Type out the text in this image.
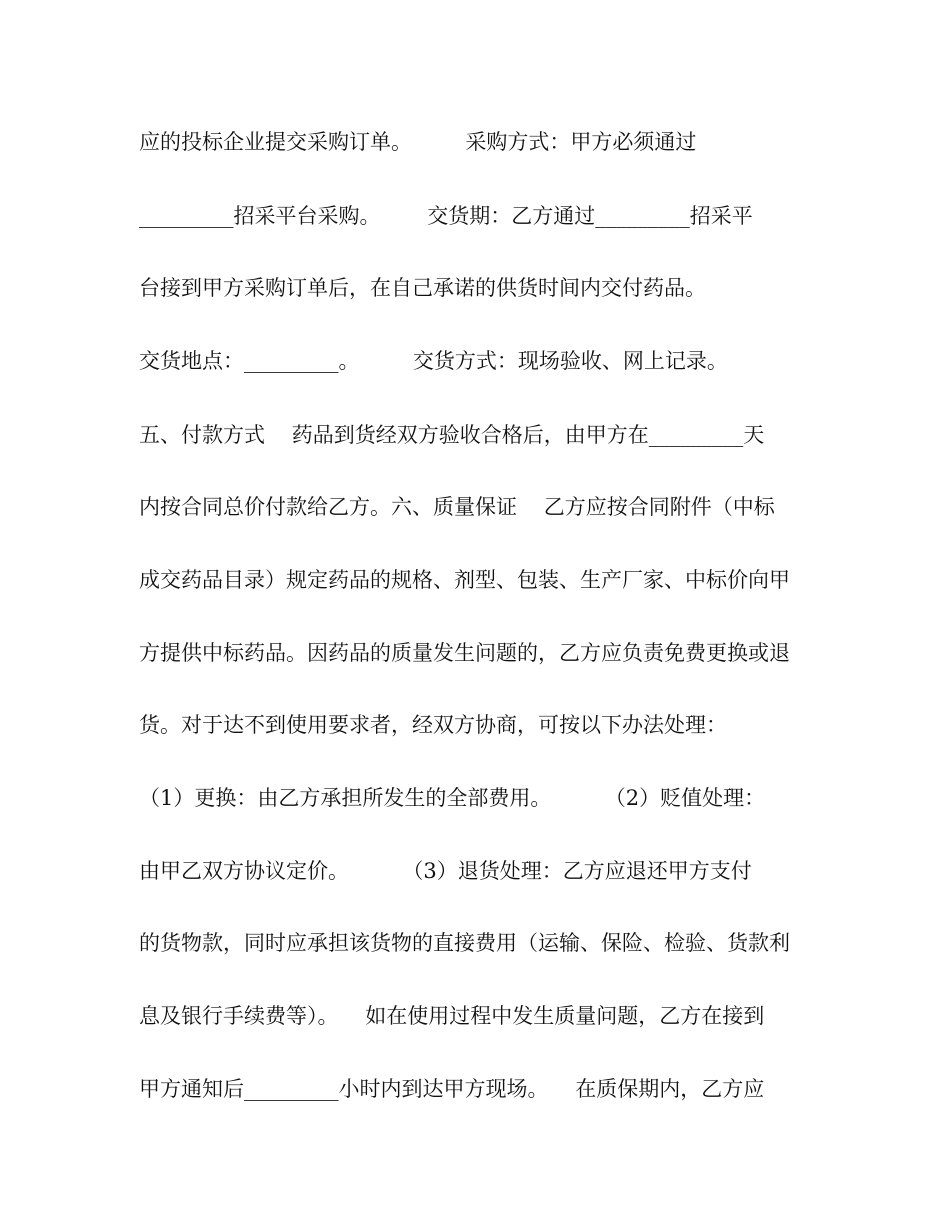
应的投标企业提交采购订单。        采购方式：甲方必须通过
_________招采平台采购。       交货期：乙方通过_________招采平
台接到甲方采购订单后，在自己承诺的供货时间内交付药品。
交货地点：_________。        交货方式：现场验收、网上记录。
五、付款方式    药品到货经双方验收合格后，由甲方在_________天
内按合同总价付款给乙方。六、质量保证    乙方应按合同附件（中标
成交药品目录）规定药品的规格、剂型、包装、生产厂家、中标价向甲
方提供中标药品。因药品的质量发生问题的，乙方应负责免费更换或退
货。对于达不到使用要求者，经双方协商，可按以下办法处理：
（1）更换：由乙方承担所发生的全部费用。        （2）贬值处理：
由甲乙双方协议定价。        （3）退货处理：乙方应退还甲方支付
的货物款，同时应承担该货物的直接费用（运输、保险、检验、货款利
息及银行手续费等）。    如在使用过程中发生质量问题，乙方在接到
甲方通知后_________小时内到达甲方现场。    在质保期内，乙方应
